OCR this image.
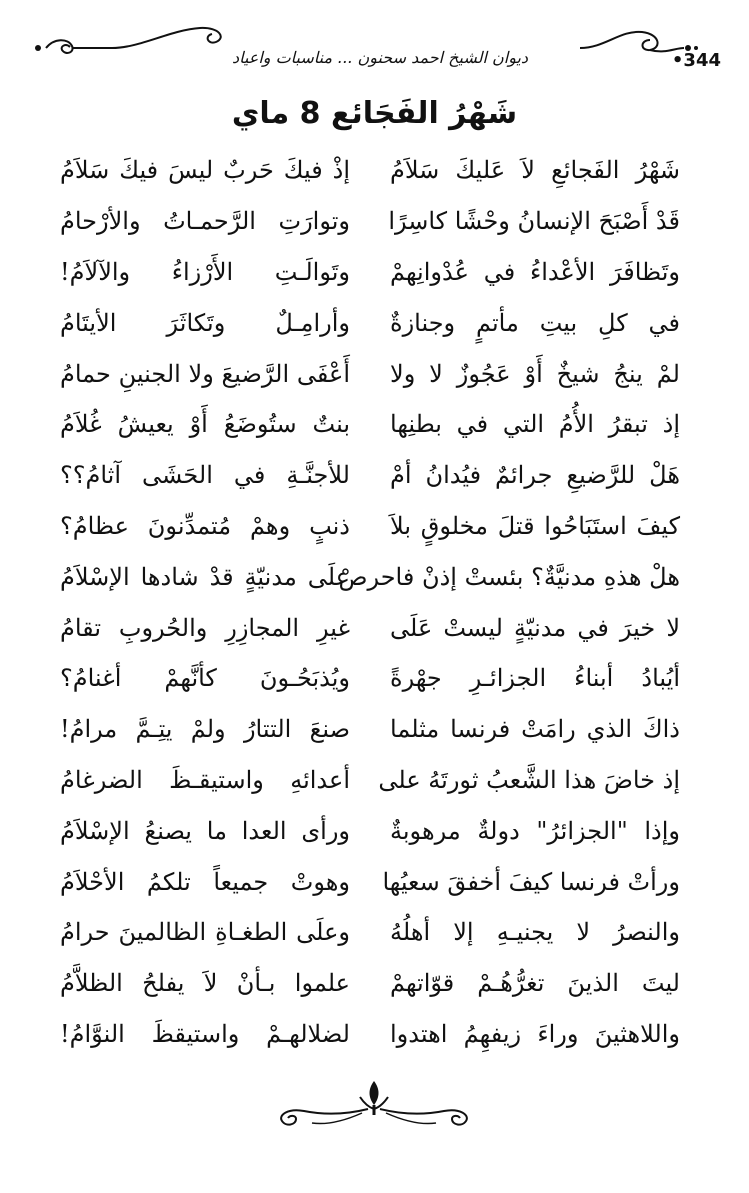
ديوان الشيخ احمد سحنون ... مناسبات واعياد	•344
شَهْرُ الفَجَائع 8 ماي
شَهْرُ الفَجائعِ لاَ عَليكَ سَلاَمُ
إذْ فيكَ حَربٌ ليسَ فيكَ سَلاَمُ
قَدْ أَصْبَحَ الإنسانُ وحْشًا كاسِرًا
وتوارَتِ الرَّحمـاتُ والأرْحامُ
وتَظافَرَ الأعْداءُ في عُدْوانِهمْ
وتَوالَـتِ الأَرْزاءُ والآلاَمُ!
في كلِ بيتِ مأتمٍ وجنازةٌ
وأرامِـلٌ وتَكاثَرَ الأيتَامُ
لمْ ينجُ شيخٌ أَوْ عَجُوزٌ لا ولا
أَعْفَى الرَّضيعَ ولا الجنينِ حمامُ
إذ تبقرُ الأُمُ التي في بطنِها
بنتٌ ستُوضَعُ أَوْ يعيشُ غُلاَمُ
هَلْ للرَّضيعِ جرائمٌ فيُدانُ أمْ
للأجنَّـةِ في الحَشَى آثامُ؟؟
كيفَ استَبَاحُوا قتلَ مخلوقٍ بلاَ
ذنبٍ وهمْ مُتمدِّنونَ عظامُ؟
هلْ هذهِ مدنيَّةٌ؟ بئستْ إذنْ فاحرصْ
علَى مدنيّةٍ قدْ شادها الإسْلاَمُ
لا خيرَ في مدنيّةٍ ليستْ عَلَى
غيرِ المجازِرِ والحُروبِ تقامُ
أيُبادُ أبناءُ الجزائـرِ جهْرةً
ويُذبَحُـونَ كأنَّهمْ أغنامُ؟
ذاكَ الذي رامَتْ فرنسا مثلما
صنعَ التتارُ ولمْ يتِـمَّ مرامُ!
إذ خاضَ هذا الشَّعبُ ثورتَهُ على
أعدائهِ واستيقـظَ الضرغامُ
وإذا "الجزائرُ" دولةٌ مرهوبةٌ
ورأى العدا ما يصنعُ الإسْلاَمُ
ورأتْ فرنسا كيفَ أخفقَ سعيُها
وهوتْ جميعاً تلكمُ الأحْلاَمُ
والنصرُ لا يجنيـهِ إلا أهلُهُ
وعلَى الطغـاةِ الظالمينَ حرامُ
ليتَ الذينَ تغرُّهُـمْ قوّاتهمْ
علموا بـأنْ لاَ يفلحُ الظلاَّمُ
واللاهثينَ وراءَ زيفهِمُ اهتدوا
لضلالهـمْ واستيقظَ النوَّامُ!
